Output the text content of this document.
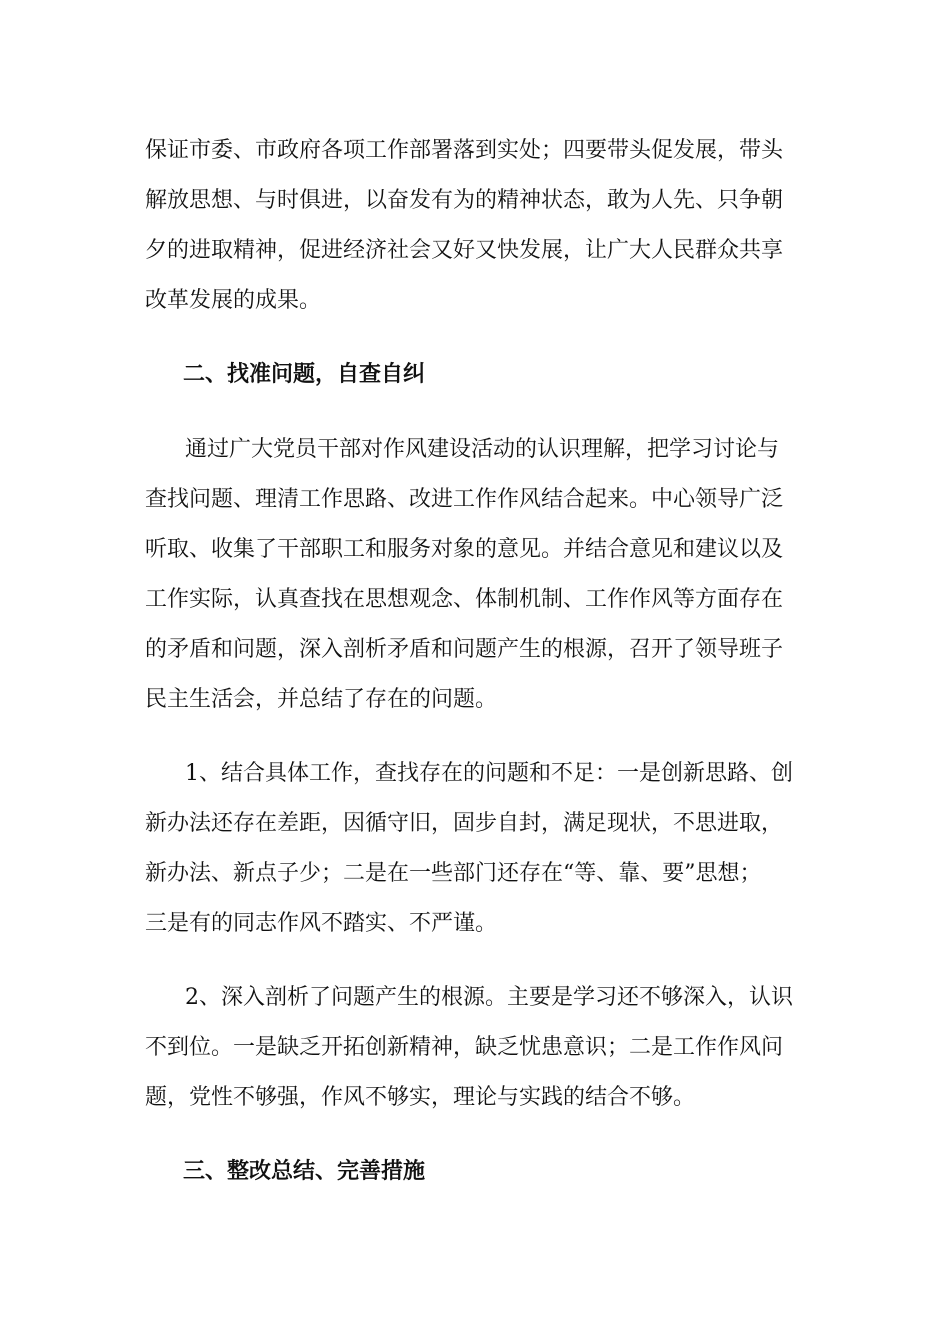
保证市委、市政府各项工作部署落到实处；四要带头促发展，带头
解放思想、与时俱进，以奋发有为的精神状态，敢为人先、只争朝
夕的进取精神，促进经济社会又好又快发展，让广大人民群众共享
改革发展的成果。
二、找准问题，自查自纠
通过广大党员干部对作风建设活动的认识理解，把学习讨论与
查找问题、理清工作思路、改进工作作风结合起来。中心领导广泛
听取、收集了干部职工和服务对象的意见。并结合意见和建议以及
工作实际，认真查找在思想观念、体制机制、工作作风等方面存在
的矛盾和问题，深入剖析矛盾和问题产生的根源，召开了领导班子
民主生活会，并总结了存在的问题。
1、结合具体工作，查找存在的问题和不足：一是创新思路、创
新办法还存在差距，因循守旧，固步自封，满足现状，不思进取，
新办法、新点子少；二是在一些部门还存在“等、靠、要”思想；
三是有的同志作风不踏实、不严谨。
2、深入剖析了问题产生的根源。主要是学习还不够深入，认识
不到位。一是缺乏开拓创新精神，缺乏忧患意识；二是工作作风问
题，党性不够强，作风不够实，理论与实践的结合不够。
三、整改总结、完善措施
